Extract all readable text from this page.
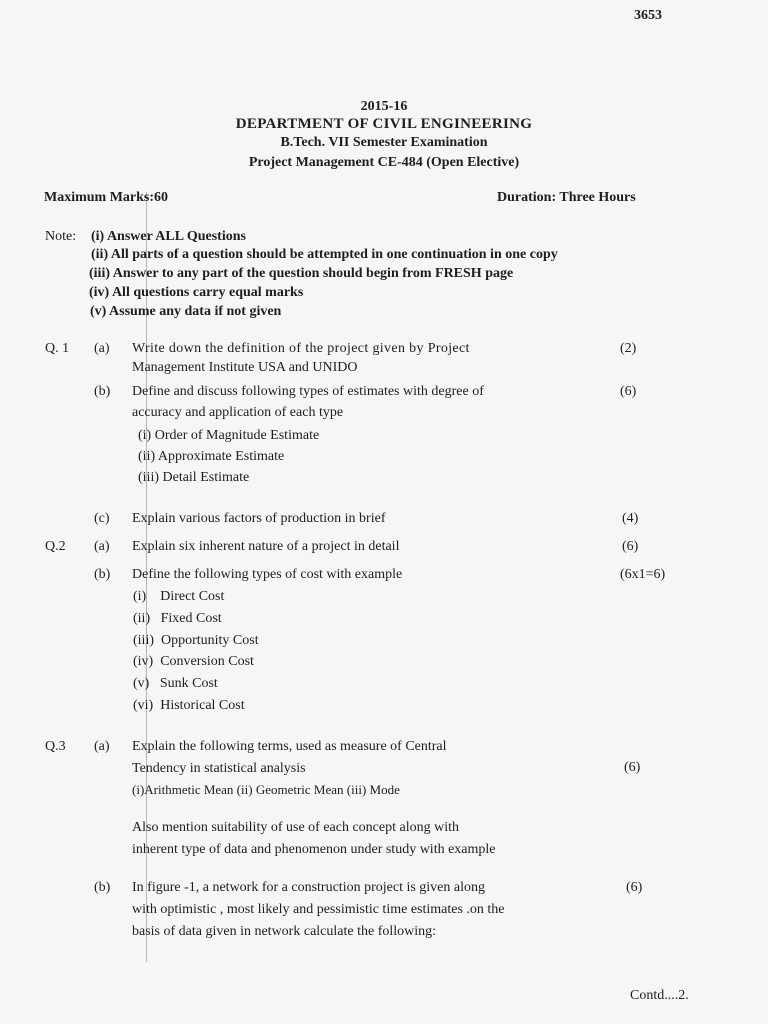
3653
2015-16
DEPARTMENT OF CIVIL ENGINEERING
B.Tech. VII Semester Examination
Project Management CE-484 (Open Elective)
Maximum Marks:60	Duration: Three Hours
Note: (i) Answer ALL Questions
(ii) All parts of a question should be attempted in one continuation in one copy
(iii) Answer to any part of the question should begin from FRESH page
(iv) All questions carry equal marks
(v) Assume any data if not given
Q. 1 (a) Write down the definition of the project given by Project
Management Institute USA and UNIDO
(2)
(b) Define and discuss following types of estimates with degree of
accuracy and application of each type
(6)
(i) Order of Magnitude Estimate
(ii) Approximate Estimate
(iii) Detail Estimate
(c) Explain various factors of production in brief	(4)
Q.2 (a) Explain six inherent nature of a project in detail	(6)
(b) Define the following types of cost with example	(6x1=6)
(i)    Direct Cost
(ii)   Fixed Cost
(iii)  Opportunity Cost
(iv)  Conversion Cost
(v)   Sunk Cost
(vi)  Historical Cost
Q.3 (a) Explain the following terms, used as measure of Central
Tendency in statistical analysis
(i)Arithmetic Mean (ii) Geometric Mean (iii) Mode
(6)
Also mention suitability of use of each concept along with
inherent type of data and phenomenon under study with example
(b) In figure -1, a network for a construction project is given along
with optimistic , most likely and pessimistic time estimates .on the
basis of data given in network calculate the following:
(6)
Contd....2.
